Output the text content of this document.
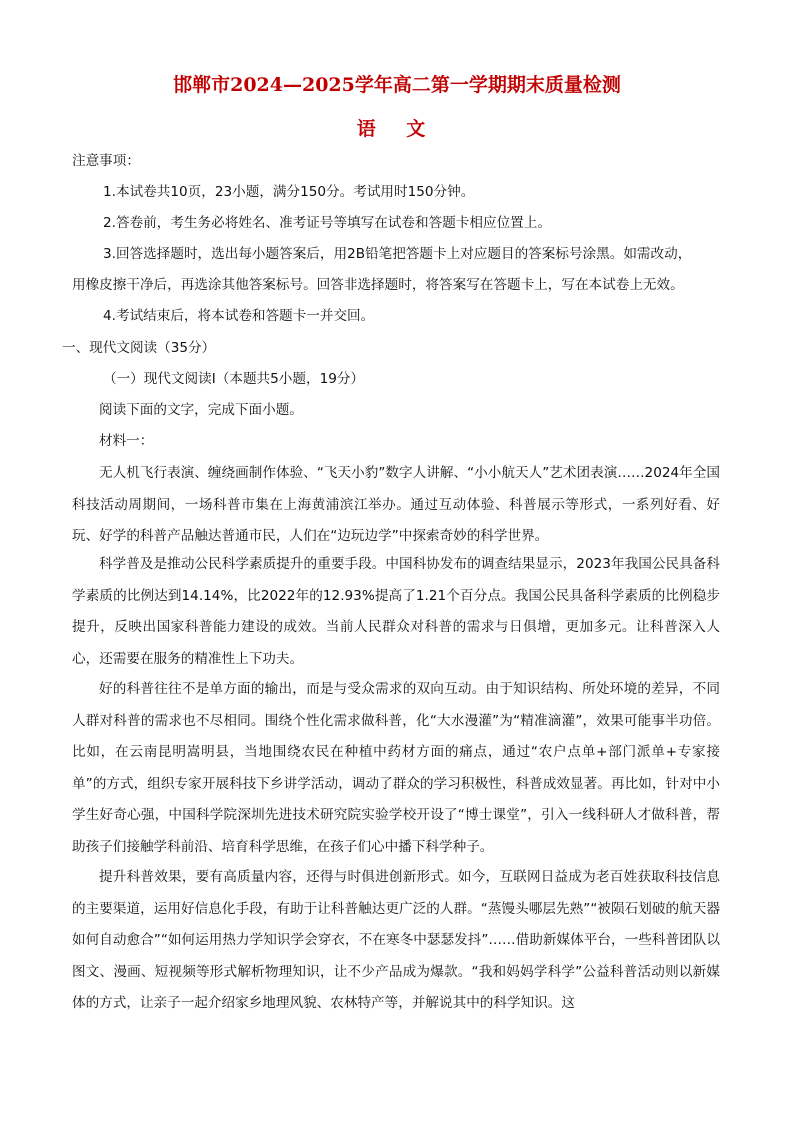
邯郸市2024—2025学年高二第一学期期末质量检测
语 文
注意事项：
1.本试卷共10页，23小题，满分150分。考试用时150分钟。
2.答卷前，考生务必将姓名、准考证号等填写在试卷和答题卡相应位置上。
3.回答选择题时，选出每小题答案后，用2B铅笔把答题卡上对应题目的答案标号涂黑。如需改动，
用橡皮擦干净后，再选涂其他答案标号。回答非选择题时，将答案写在答题卡上，写在本试卷上无效。
4.考试结束后，将本试卷和答题卡一并交回。
一、现代文阅读（35分）
（一）现代文阅读Ⅰ（本题共5小题，19分）
阅读下面的文字，完成下面小题。
材料一：
无人机飞行表演、缠绕画制作体验、“飞天小豹”数字人讲解、“小小航天人”艺术团表演……2024年全国科技活动周期间，一场科普市集在上海黄浦滨江举办。通过互动体验、科普展示等形式，一系列好看、好玩、好学的科普产品触达普通市民，人们在“边玩边学”中探索奇妙的科学世界。
科学普及是推动公民科学素质提升的重要手段。中国科协发布的调查结果显示，2023年我国公民具备科学素质的比例达到14.14%，比2022年的12.93%提高了1.21个百分点。我国公民具备科学素质的比例稳步提升，反映出国家科普能力建设的成效。当前人民群众对科普的需求与日俱增，更加多元。让科普深入人心，还需要在服务的精准性上下功夫。
好的科普往往不是单方面的输出，而是与受众需求的双向互动。由于知识结构、所处环境的差异，不同人群对科普的需求也不尽相同。围绕个性化需求做科普，化“大水漫灌”为“精准滴灌”，效果可能事半功倍。比如，在云南昆明嵩明县，当地围绕农民在种植中药材方面的痛点，通过“农户点单+部门派单+专家接单”的方式，组织专家开展科技下乡讲学活动，调动了群众的学习积极性，科普成效显著。再比如，针对中小学生好奇心强，中国科学院深圳先进技术研究院实验学校开设了“博士课堂”，引入一线科研人才做科普，帮助孩子们接触学科前沿、培育科学思维，在孩子们心中播下科学种子。
提升科普效果，要有高质量内容，还得与时俱进创新形式。如今，互联网日益成为老百姓获取科技信息的主要渠道，运用好信息化手段，有助于让科普触达更广泛的人群。“蒸馒头哪层先熟”“被陨石划破的航天器如何自动愈合”“如何运用热力学知识学会穿衣，不在寒冬中瑟瑟发抖”……借助新媒体平台，一些科普团队以图文、漫画、短视频等形式解析物理知识，让不少产品成为爆款。“我和妈妈学科学”公益科普活动则以新媒体的方式，让亲子一起介绍家乡地理风貌、农林特产等，并解说其中的科学知识。这
